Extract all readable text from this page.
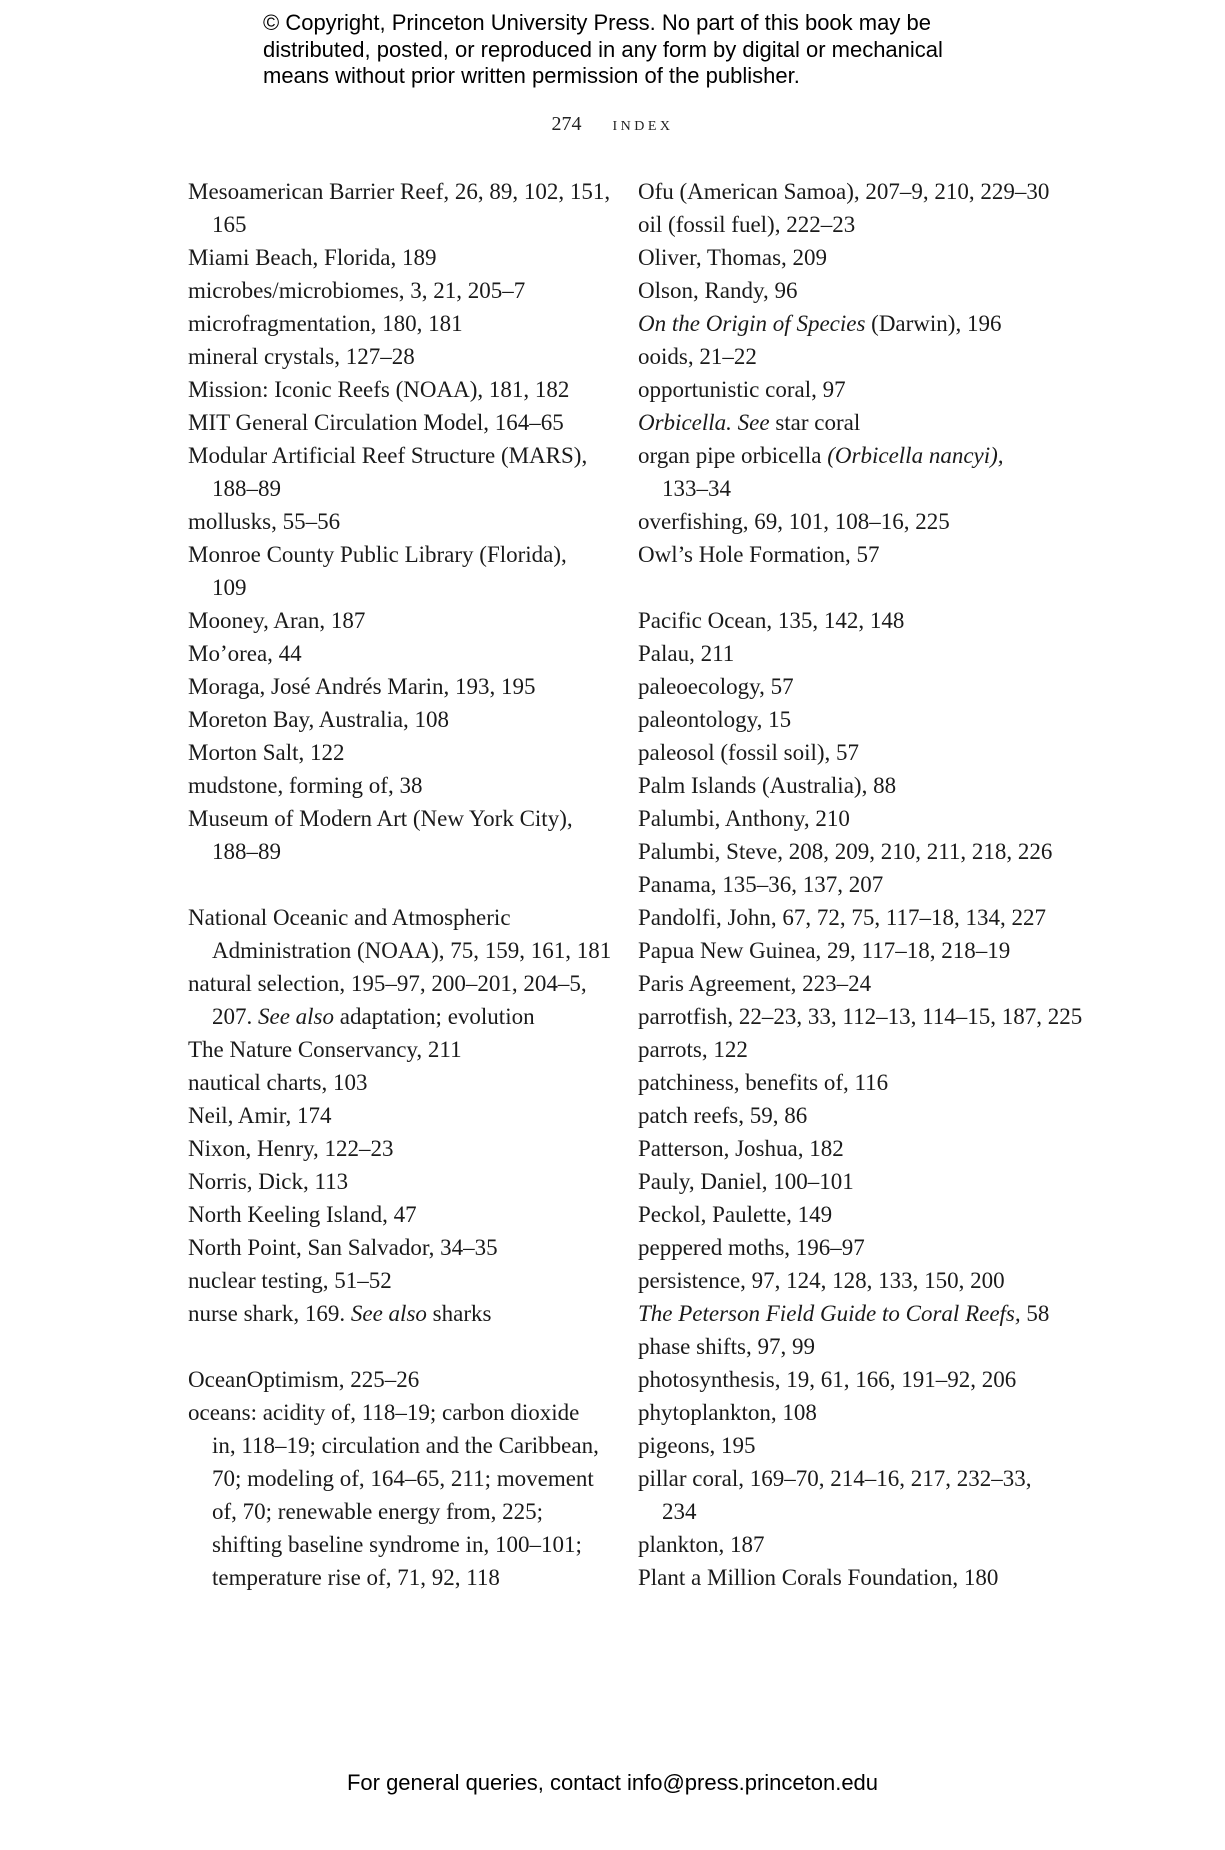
© Copyright, Princeton University Press. No part of this book may be
distributed, posted, or reproduced in any form by digital or mechanical
means without prior written permission of the publisher.
274 index
Mesoamerican Barrier Reef, 26, 89, 102, 151,
165
Miami Beach, Florida, 189
microbes/microbiomes, 3, 21, 205–7
microfragmentation, 180, 181
mineral crystals, 127–28
Mission: Iconic Reefs (NOAA), 181, 182
MIT General Circulation Model, 164–65
Modular Artificial Reef Structure (MARS),
188–89
mollusks, 55–56
Monroe County Public Library (Florida),
109
Mooney, Aran, 187
Mo’orea, 44
Moraga, José Andrés Marin, 193, 195
Moreton Bay, Australia, 108
Morton Salt, 122
mudstone, forming of, 38
Museum of Modern Art (New York City),
188–89
National Oceanic and Atmospheric
Administration (NOAA), 75, 159, 161, 181
natural selection, 195–97, 200–201, 204–5,
207. See also adaptation; evolution
The Nature Conservancy, 211
nautical charts, 103
Neil, Amir, 174
Nixon, Henry, 122–23
Norris, Dick, 113
North Keeling Island, 47
North Point, San Salvador, 34–35
nuclear testing, 51–52
nurse shark, 169. See also sharks
OceanOptimism, 225–26
oceans: acidity of, 118–19; carbon dioxide
in, 118–19; circulation and the Caribbean,
70; modeling of, 164–65, 211; movement
of, 70; renewable energy from, 225;
shifting baseline syndrome in, 100–101;
temperature rise of, 71, 92, 118
Ofu (American Samoa), 207–9, 210, 229–30
oil (fossil fuel), 222–23
Oliver, Thomas, 209
Olson, Randy, 96
On the Origin of Species (Darwin), 196
ooids, 21–22
opportunistic coral, 97
Orbicella. See star coral
organ pipe orbicella (Orbicella nancyi),
133–34
overfishing, 69, 101, 108–16, 225
Owl’s Hole Formation, 57
Pacific Ocean, 135, 142, 148
Palau, 211
paleoecology, 57
paleontology, 15
paleosol (fossil soil), 57
Palm Islands (Australia), 88
Palumbi, Anthony, 210
Palumbi, Steve, 208, 209, 210, 211, 218, 226
Panama, 135–36, 137, 207
Pandolfi, John, 67, 72, 75, 117–18, 134, 227
Papua New Guinea, 29, 117–18, 218–19
Paris Agreement, 223–24
parrotfish, 22–23, 33, 112–13, 114–15, 187, 225
parrots, 122
patchiness, benefits of, 116
patch reefs, 59, 86
Patterson, Joshua, 182
Pauly, Daniel, 100–101
Peckol, Paulette, 149
peppered moths, 196–97
persistence, 97, 124, 128, 133, 150, 200
The Peterson Field Guide to Coral Reefs, 58
phase shifts, 97, 99
photosynthesis, 19, 61, 166, 191–92, 206
phytoplankton, 108
pigeons, 195
pillar coral, 169–70, 214–16, 217, 232–33,
234
plankton, 187
Plant a Million Corals Foundation, 180
For general queries, contact info@press.princeton.edu
